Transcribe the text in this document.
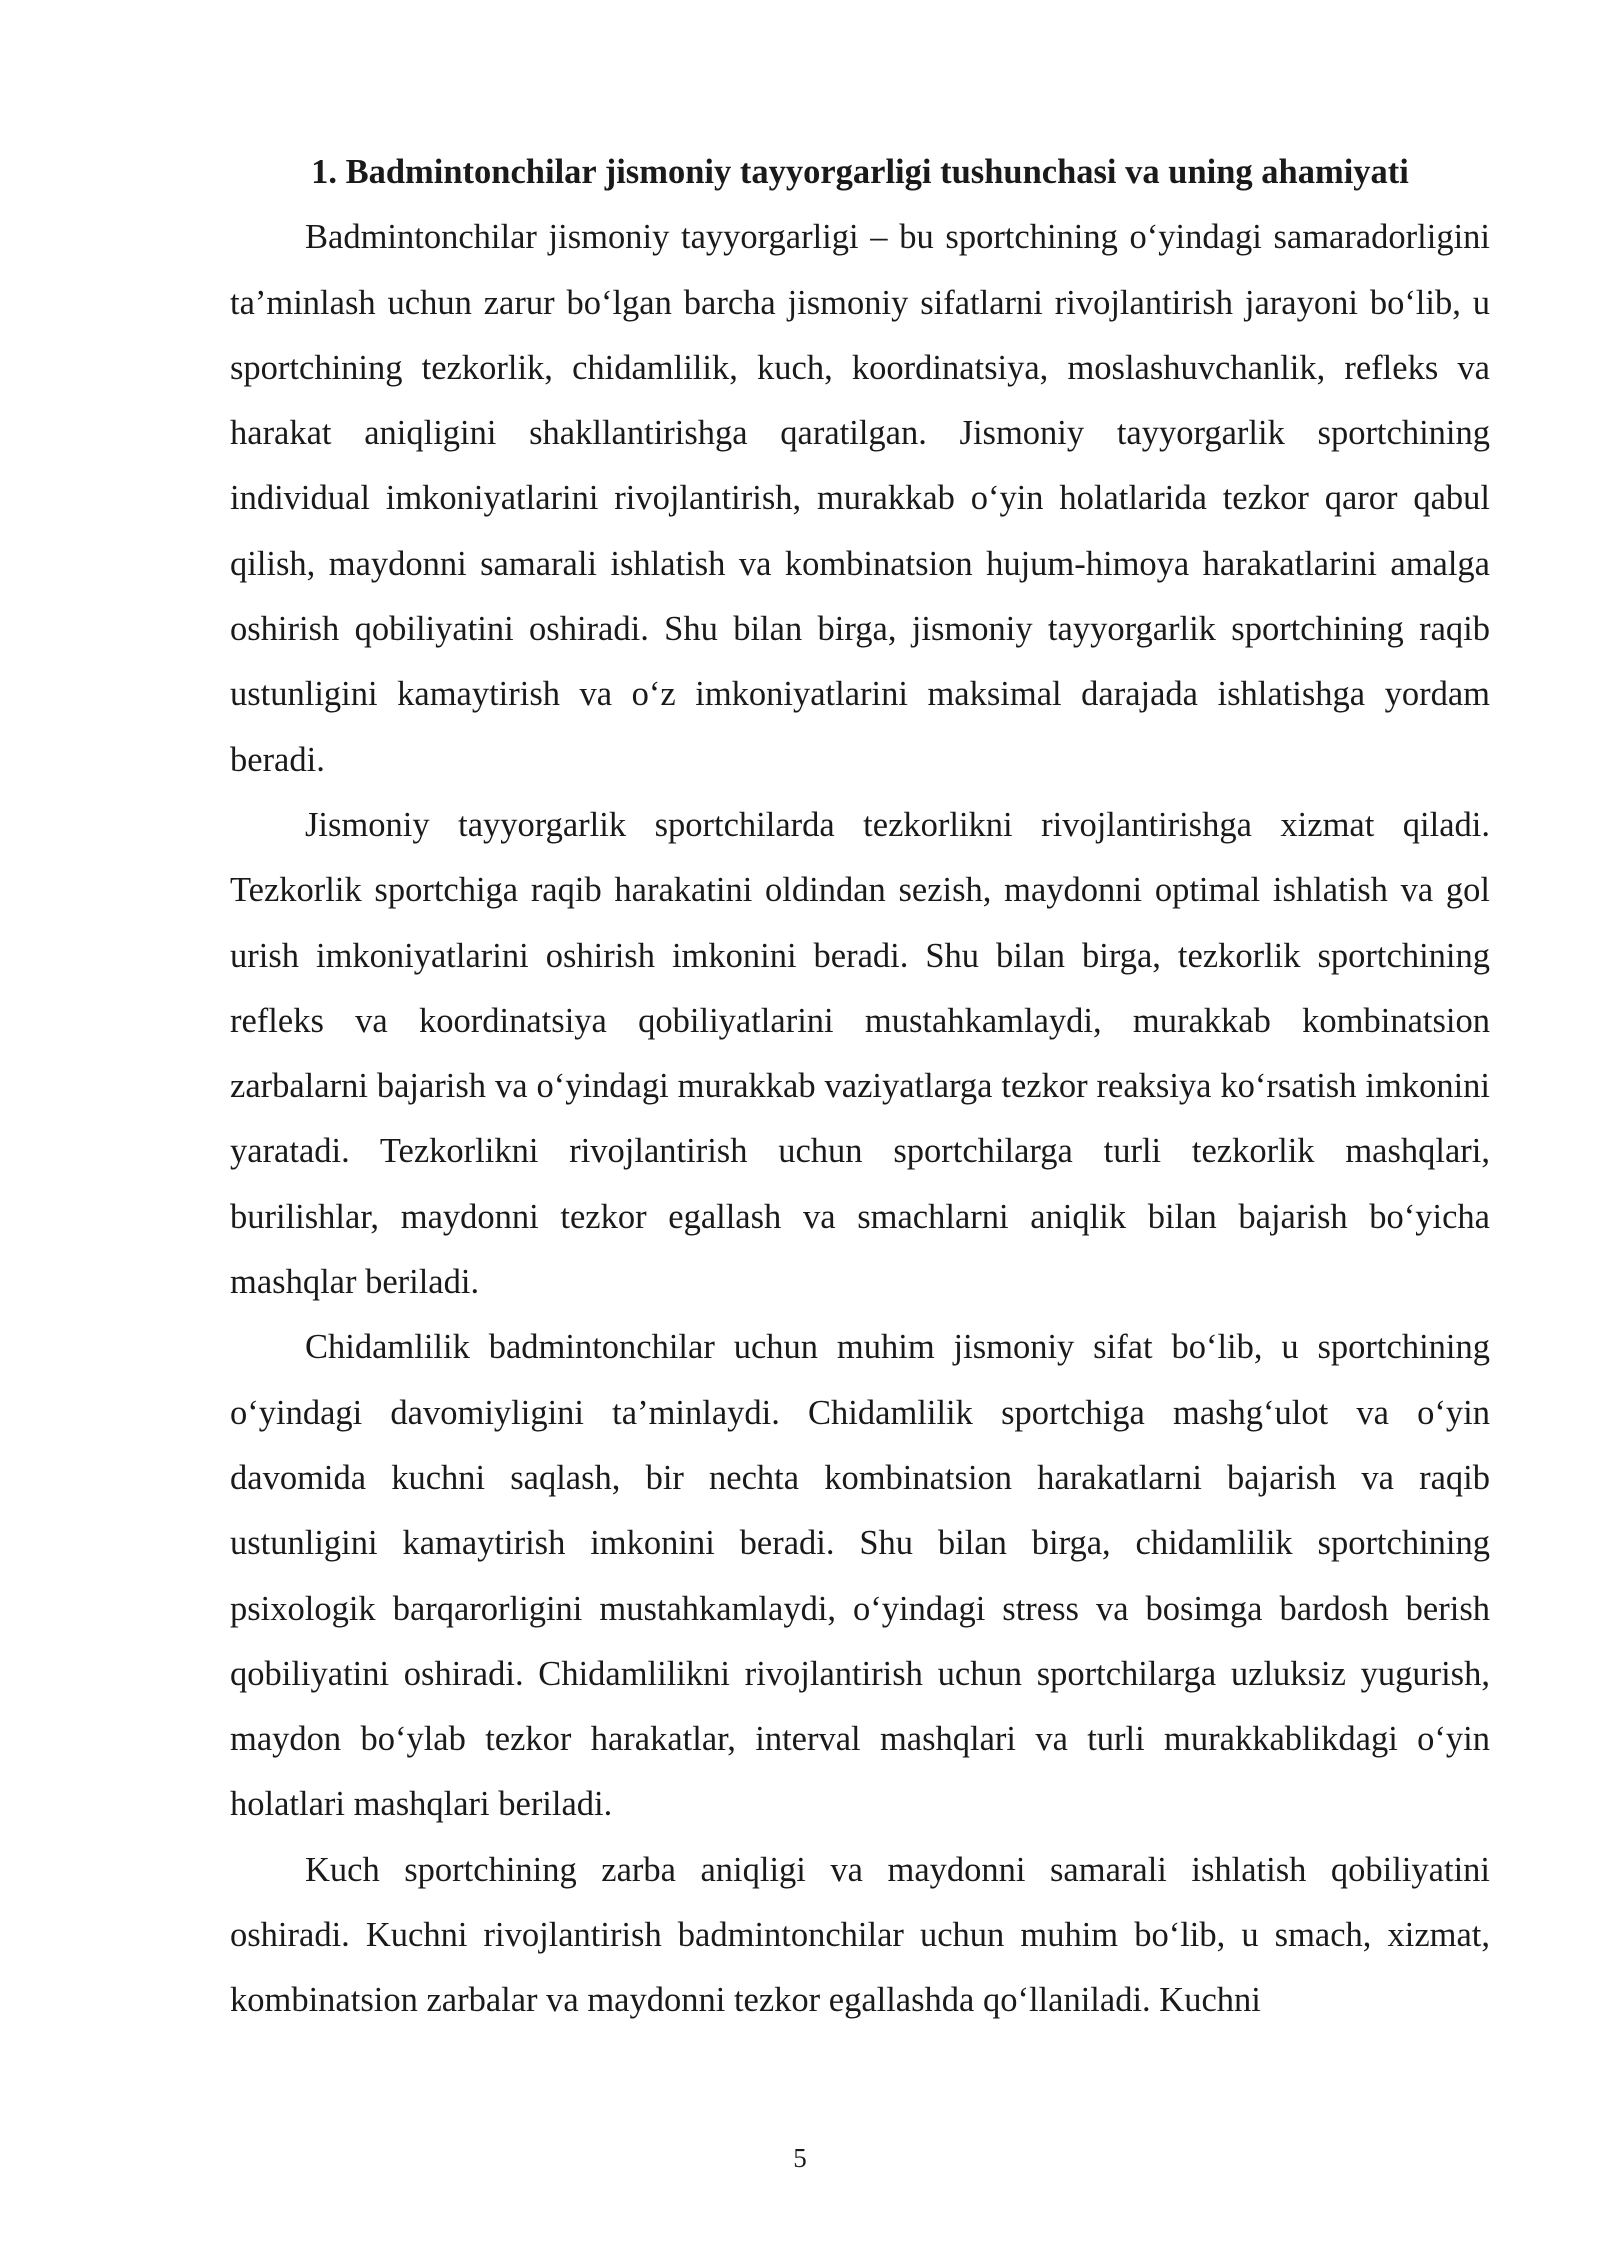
1. Badmintonchilar jismoniy tayyorgarligi tushunchasi va uning ahamiyati

Badmintonchilar jismoniy tayyorgarligi – bu sportchining o‘yindagi samaradorligini ta’minlash uchun zarur bo‘lgan barcha jismoniy sifatlarni rivojlantirish jarayoni bo‘lib, u sportchining tezkorlik, chidamlilik, kuch, koordinatsiya, moslashuvchanlik, refleks va harakat aniqligini shakllantirishga qaratilgan. Jismoniy tayyorgarlik sportchining individual imkoniyatlarini rivojlantirish, murakkab o‘yin holatlarida tezkor qaror qabul qilish, maydonni samarali ishlatish va kombinatsion hujum-himoya harakatlarini amalga oshirish qobiliyatini oshiradi. Shu bilan birga, jismoniy tayyorgarlik sportchining raqib ustunligini kamaytirish va o‘z imkoniyatlarini maksimal darajada ishlatishga yordam beradi.

Jismoniy tayyorgarlik sportchilarda tezkorlikni rivojlantirishga xizmat qiladi. Tezkorlik sportchiga raqib harakatini oldindan sezish, maydonni optimal ishlatish va gol urish imkoniyatlarini oshirish imkonini beradi. Shu bilan birga, tezkorlik sportchining refleks va koordinatsiya qobiliyatlarini mustahkamlaydi, murakkab kombinatsion zarbalarni bajarish va o‘yindagi murakkab vaziyatlarga tezkor reaksiya ko‘rsatish imkonini yaratadi. Tezkorlikni rivojlantirish uchun sportchilarga turli tezkorlik mashqlari, burilishlar, maydonni tezkor egallash va smachlarni aniqlik bilan bajarish bo‘yicha mashqlar beriladi.

Chidamlilik badmintonchilar uchun muhim jismoniy sifat bo‘lib, u sportchining o‘yindagi davomiyligini ta’minlaydi. Chidamlilik sportchiga mashg‘ulot va o‘yin davomida kuchni saqlash, bir nechta kombinatsion harakatlarni bajarish va raqib ustunligini kamaytirish imkonini beradi. Shu bilan birga, chidamlilik sportchining psixologik barqarorligini mustahkamlaydi, o‘yindagi stress va bosimga bardosh berish qobiliyatini oshiradi. Chidamlilikni rivojlantirish uchun sportchilarga uzluksiz yugurish, maydon bo‘ylab tezkor harakatlar, interval mashqlari va turli murakkablikdagi o‘yin holatlari mashqlari beriladi.

Kuch sportchining zarba aniqligi va maydonni samarali ishlatish qobiliyatini oshiradi. Kuchni rivojlantirish badmintonchilar uchun muhim bo‘lib, u smach, xizmat, kombinatsion zarbalar va maydonni tezkor egallashda qo‘llaniladi. Kuchni

5
